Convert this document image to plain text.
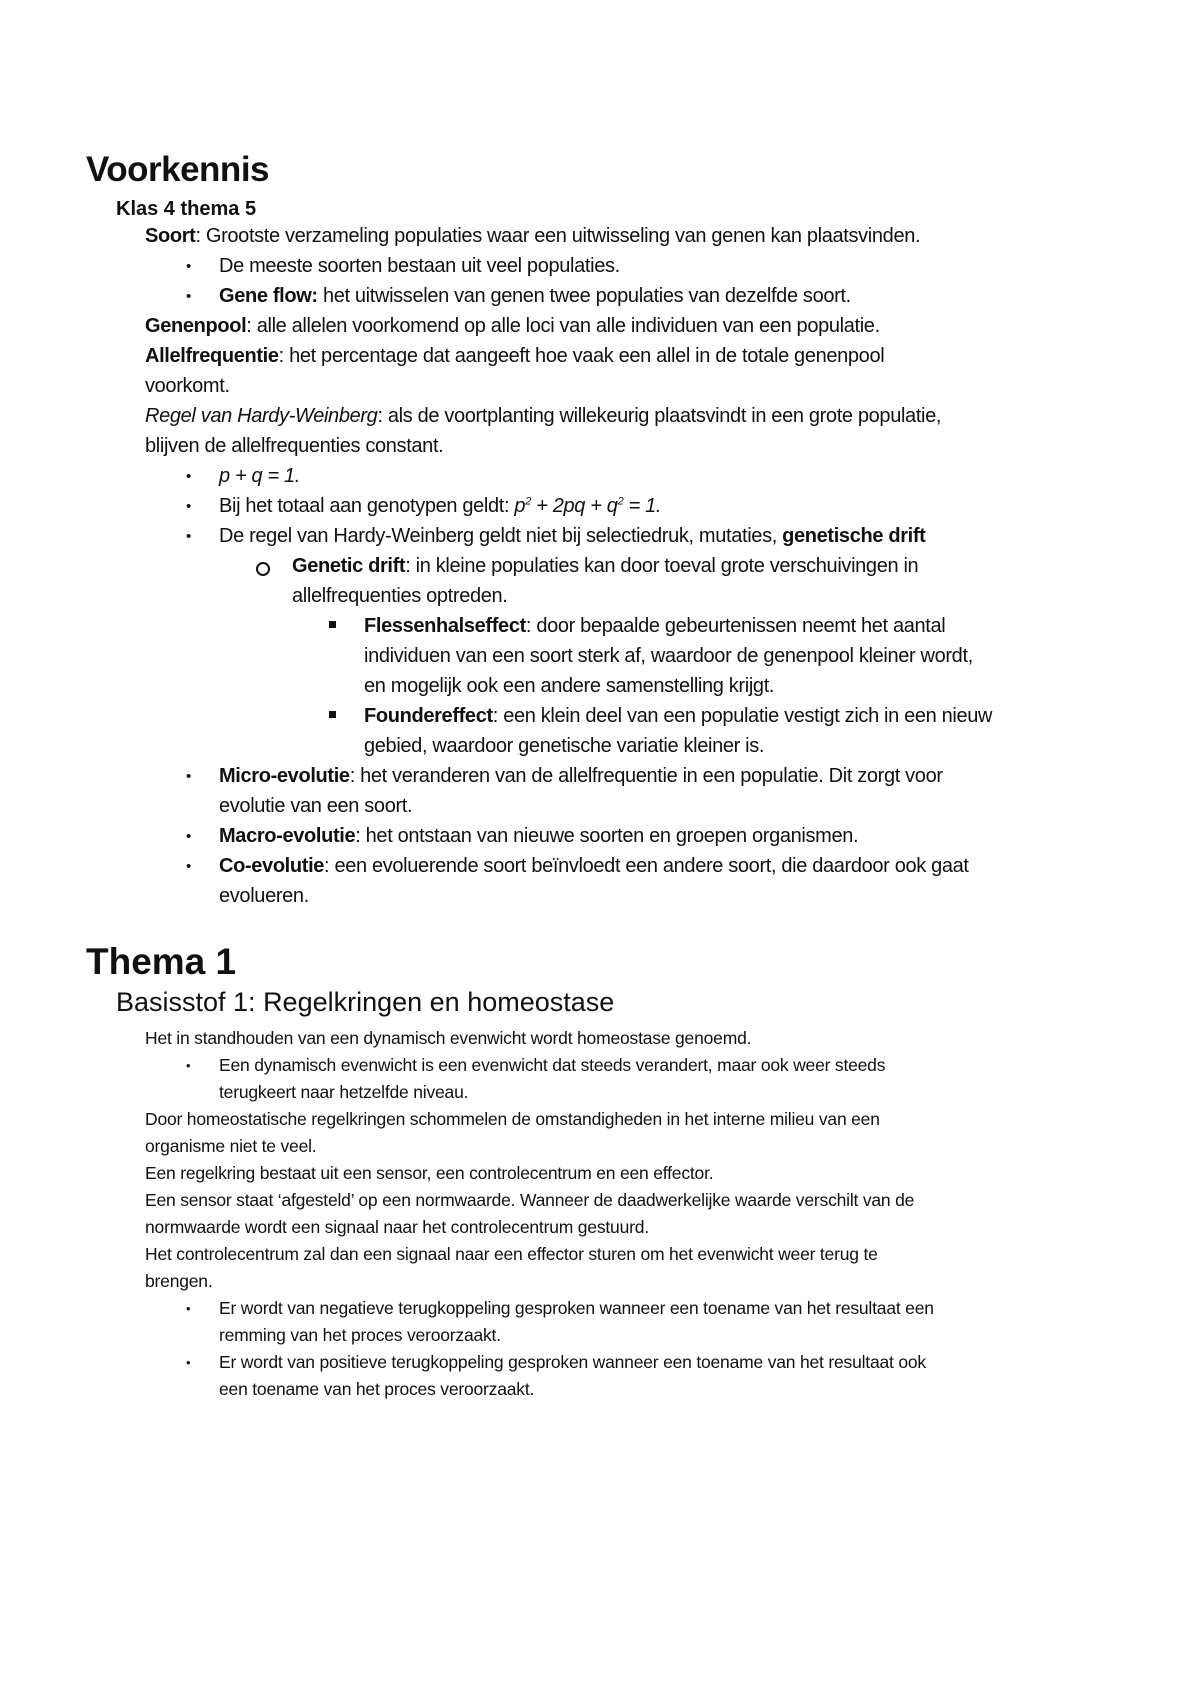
Voorkennis
Klas 4 thema 5
Soort: Grootste verzameling populaties waar een uitwisseling van genen kan plaatsvinden.
• De meeste soorten bestaan uit veel populaties.
• Gene flow: het uitwisselen van genen twee populaties van dezelfde soort.
Genenpool: alle allelen voorkomend op alle loci van alle individuen van een populatie.
Allelfrequentie: het percentage dat aangeeft hoe vaak een allel in de totale genenpool
voorkomt.
Regel van Hardy-Weinberg: als de voortplanting willekeurig plaatsvindt in een grote populatie,
blijven de allelfrequenties constant.
• p + q = 1.
• Bij het totaal aan genotypen geldt: $p^2 + 2pq + q^2 = 1$.
• De regel van Hardy-Weinberg geldt niet bij selectiedruk, mutaties, genetische drift
Genetic drift: in kleine populaties kan door toeval grote verschuivingen in
allelfrequenties optreden.
Flessenhalseffect: door bepaalde gebeurtenissen neemt het aantal
individuen van een soort sterk af, waardoor de genenpool kleiner wordt,
en mogelijk ook een andere samenstelling krijgt.
Foundereffect: een klein deel van een populatie vestigt zich in een nieuw
gebied, waardoor genetische variatie kleiner is.
• Micro-evolutie: het veranderen van de allelfrequentie in een populatie. Dit zorgt voor
evolutie van een soort.
• Macro-evolutie: het ontstaan van nieuwe soorten en groepen organismen.
• Co-evolutie: een evoluerende soort beïnvloedt een andere soort, die daardoor ook gaat
evolueren.
Thema 1
Basisstof 1: Regelkringen en homeostase
Het in standhouden van een dynamisch evenwicht wordt homeostase genoemd.
• Een dynamisch evenwicht is een evenwicht dat steeds verandert, maar ook weer steeds
terugkeert naar hetzelfde niveau.
Door homeostatische regelkringen schommelen de omstandigheden in het interne milieu van een
organisme niet te veel.
Een regelkring bestaat uit een sensor, een controlecentrum en een effector.
Een sensor staat ‘afgesteld’ op een normwaarde. Wanneer de daadwerkelijke waarde verschilt van de
normwaarde wordt een signaal naar het controlecentrum gestuurd.
Het controlecentrum zal dan een signaal naar een effector sturen om het evenwicht weer terug te
brengen.
• Er wordt van negatieve terugkoppeling gesproken wanneer een toename van het resultaat een
remming van het proces veroorzaakt.
• Er wordt van positieve terugkoppeling gesproken wanneer een toename van het resultaat ook
een toename van het proces veroorzaakt.
